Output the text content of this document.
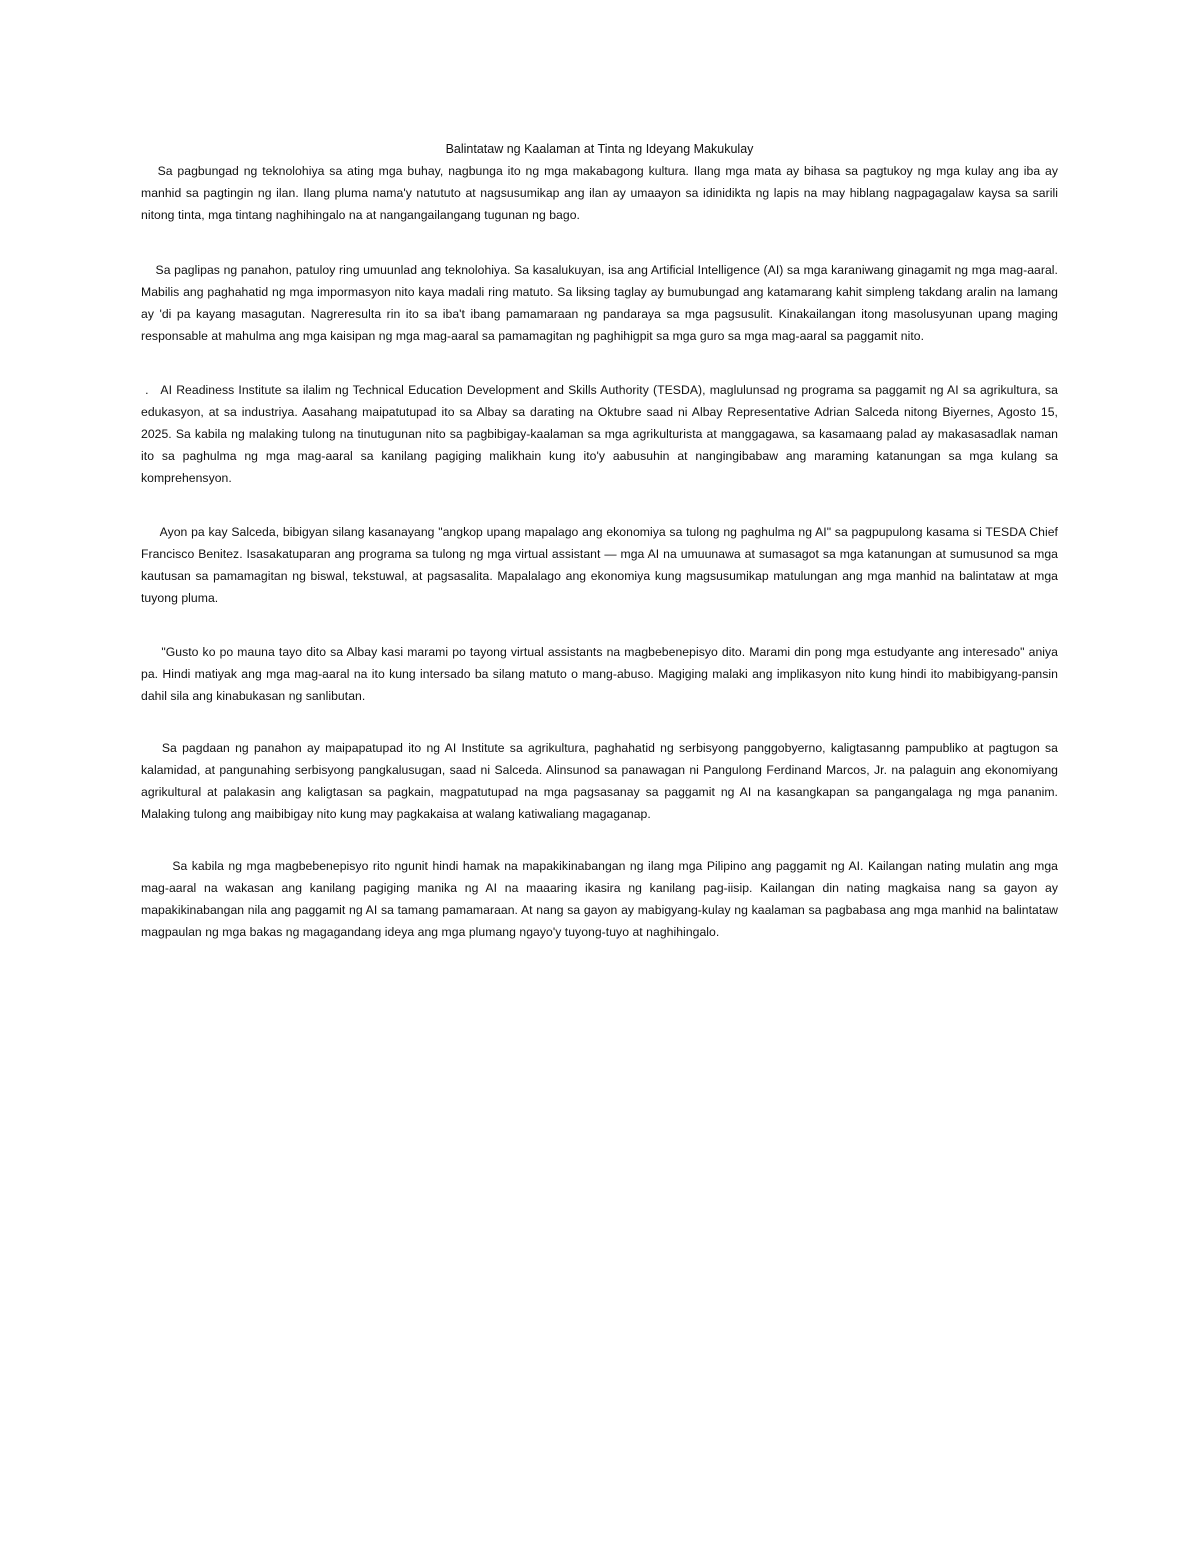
Balintataw ng Kaalaman at Tinta ng Ideyang Makukulay

Sa pagbungad ng teknolohiya sa ating mga buhay, nagbunga ito ng mga makabagong kultura. Ilang mga mata ay bihasa sa pagtukoy ng mga kulay ang iba ay manhid sa pagtingin ng ilan. Ilang pluma nama'y natututo at nagsusumikap ang ilan ay umaayon sa idinidikta ng lapis na may hiblang nagpagagalaw kaysa sa sarili nitong tinta, mga tintang naghihingalo na at nangangailangang tugunan ng bago.

Sa paglipas ng panahon, patuloy ring umuunlad ang teknolohiya. Sa kasalukuyan, isa ang Artificial Intelligence (AI) sa mga karaniwang ginagamit ng mga mag-aaral. Mabilis ang paghahatid ng mga impormasyon nito kaya madali ring matuto. Sa liksing taglay ay bumubungad ang katamarang kahit simpleng takdang aralin na lamang ay 'di pa kayang masagutan. Nagreresulta rin ito sa iba't ibang pamamaraan ng pandaraya sa mga pagsusulit. Kinakailangan itong masolusyunan upang maging responsable at mahulma ang mga kaisipan ng mga mag-aaral sa pamamagitan ng paghihigpit sa mga guro sa mga mag-aaral sa paggamit nito.

.   AI Readiness Institute sa ilalim ng Technical Education Development and Skills Authority (TESDA), maglulunsad ng programa sa paggamit ng AI sa agrikultura, sa edukasyon, at sa industriya. Aasahang maipatutupad ito sa Albay sa darating na Oktubre saad ni Albay Representative Adrian Salceda nitong Biyernes, Agosto 15, 2025. Sa kabila ng malaking tulong na tinutugunan nito sa pagbibigay-kaalaman sa mga agrikulturista at manggagawa, sa kasamaang palad ay makasasadlak naman ito sa paghulma ng mga mag-aaral sa kanilang pagiging malikhain kung ito'y aabusuhin at nangingibabaw ang maraming katanungan sa mga kulang sa komprehensyon.

Ayon pa kay Salceda, bibigyan silang kasanayang "angkop upang mapalago ang ekonomiya sa tulong ng paghulma ng AI" sa pagpupulong kasama si TESDA Chief Francisco Benitez. Isasakatuparan ang programa sa tulong ng mga virtual assistant — mga AI na umuunawa at sumasagot sa mga katanungan at sumusunod sa mga kautusan sa pamamagitan ng biswal, tekstuwal, at pagsasalita. Mapalalago ang ekonomiya kung magsusumikap matulungan ang mga manhid na balintataw at mga tuyong pluma.

"Gusto ko po mauna tayo dito sa Albay kasi marami po tayong virtual assistants na magbebenepisyo dito. Marami din pong mga estudyante ang interesado" aniya pa. Hindi matiyak ang mga mag-aaral na ito kung intersado ba silang matuto o mang-abuso. Magiging malaki ang implikasyon nito kung hindi ito mabibigyang-pansin dahil sila ang kinabukasan ng sanlibutan.

Sa pagdaan ng panahon ay maipapatupad ito ng AI Institute sa agrikultura, paghahatid ng serbisyong panggobyerno, kaligtasanng pampubliko at pagtugon sa kalamidad, at pangunahing serbisyong pangkalusugan, saad ni Salceda. Alinsunod sa panawagan ni Pangulong Ferdinand Marcos, Jr. na palaguin ang ekonomiyang agrikultural at palakasin ang kaligtasan sa pagkain, magpatutupad na mga pagsasanay sa paggamit ng AI na kasangkapan sa pangangalaga ng mga pananim. Malaking tulong ang maibibigay nito kung may pagkakaisa at walang katiwaliang magaganap.

Sa kabila ng mga magbebenepisyo rito ngunit hindi hamak na mapakikinabangan ng ilang mga Pilipino ang paggamit ng AI. Kailangan nating mulatin ang mga mag-aaral na wakasan ang kanilang pagiging manika ng AI na maaaring ikasira ng kanilang pag-iisip. Kailangan din nating magkaisa nang sa gayon ay mapakikinabangan nila ang paggamit ng AI sa tamang pamamaraan. At nang sa gayon ay mabigyang-kulay ng kaalaman sa pagbabasa ang mga manhid na balintataw magpaulan ng mga bakas ng magagandang ideya ang mga plumang ngayo'y tuyong-tuyo at naghihingalo.
